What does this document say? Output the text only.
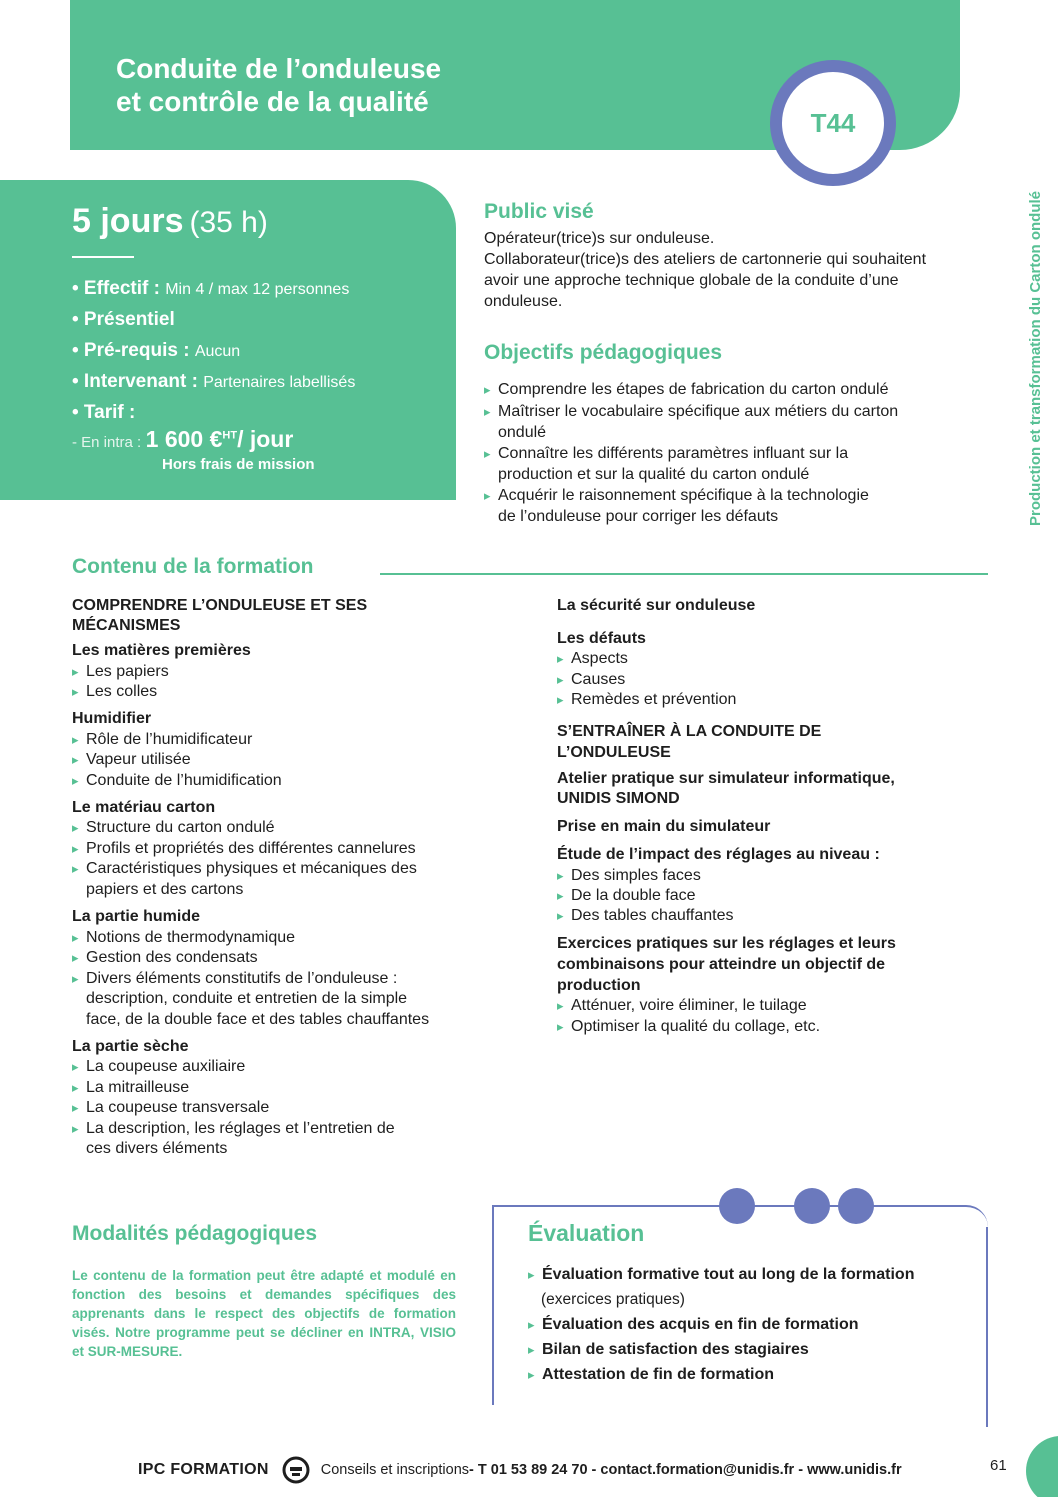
Conduite de l’onduleuse
et contrôle de la qualité
T44
Production et transformation du Carton ondulé
5 jours (35 h)
• Effectif : Min 4 / max 12 personnes
• Présentiel
• Pré-requis : Aucun
• Intervenant : Partenaires labellisés
• Tarif :
- En intra : 1 600 €$^{HT}$/ jour
Hors frais de mission
Public visé
Opérateur(trice)s sur onduleuse.
Collaborateur(trice)s des ateliers de cartonnerie qui souhaitent
avoir une approche technique globale de la conduite d’une
onduleuse.
Objectifs pédagogiques
▸ Comprendre les étapes de fabrication du carton ondulé
▸ Maîtriser le vocabulaire spécifique aux métiers du carton
ondulé
▸ Connaître les différents paramètres influant sur la
production et sur la qualité du carton ondulé
▸ Acquérir le raisonnement spécifique à la technologie
de l’onduleuse pour corriger les défauts
Contenu de la formation
COMPRENDRE L’ONDULEUSE ET SES
MÉCANISMES
Les matières premières
▸ Les papiers
▸ Les colles
Humidifier
▸ Rôle de l’humidificateur
▸ Vapeur utilisée
▸ Conduite de l’humidification
Le matériau carton
▸ Structure du carton ondulé
▸ Profils et propriétés des différentes cannelures
▸ Caractéristiques physiques et mécaniques des
papiers et des cartons
La partie humide
▸ Notions de thermodynamique
▸ Gestion des condensats
▸ Divers éléments constitutifs de l’onduleuse :
description, conduite et entretien de la simple
face, de la double face et des tables chauffantes
La partie sèche
▸ La coupeuse auxiliaire
▸ La mitrailleuse
▸ La coupeuse transversale
▸ La description, les réglages et l’entretien de
ces divers éléments
La sécurité sur onduleuse
Les défauts
▸ Aspects
▸ Causes
▸ Remèdes et prévention
S’ENTRAÎNER À LA CONDUITE DE
L’ONDULEUSE
Atelier pratique sur simulateur informatique,
UNIDIS SIMOND
Prise en main du simulateur
Étude de l’impact des réglages au niveau :
▸ Des simples faces
▸ De la double face
▸ Des tables chauffantes
Exercices pratiques sur les réglages et leurs
combinaisons pour atteindre un objectif de
production
▸ Atténuer, voire éliminer, le tuilage
▸ Optimiser la qualité du collage, etc.
Modalités pédagogiques
Le contenu de la formation peut être adapté et modulé en fonction des besoins et demandes spécifiques des apprenants dans le respect des objectifs de formation visés. Notre programme peut se décliner en INTRA, VISIO et SUR-MESURE.
Évaluation
▸ Évaluation formative tout au long de la formation
(exercices pratiques)
▸ Évaluation des acquis en fin de formation
▸ Bilan de satisfaction des stagiaires
▸ Attestation de fin de formation
IPC FORMATION	Conseils et inscriptions - T 01 53 89 24 70 - contact.formation@unidis.fr - www.unidis.fr	61
